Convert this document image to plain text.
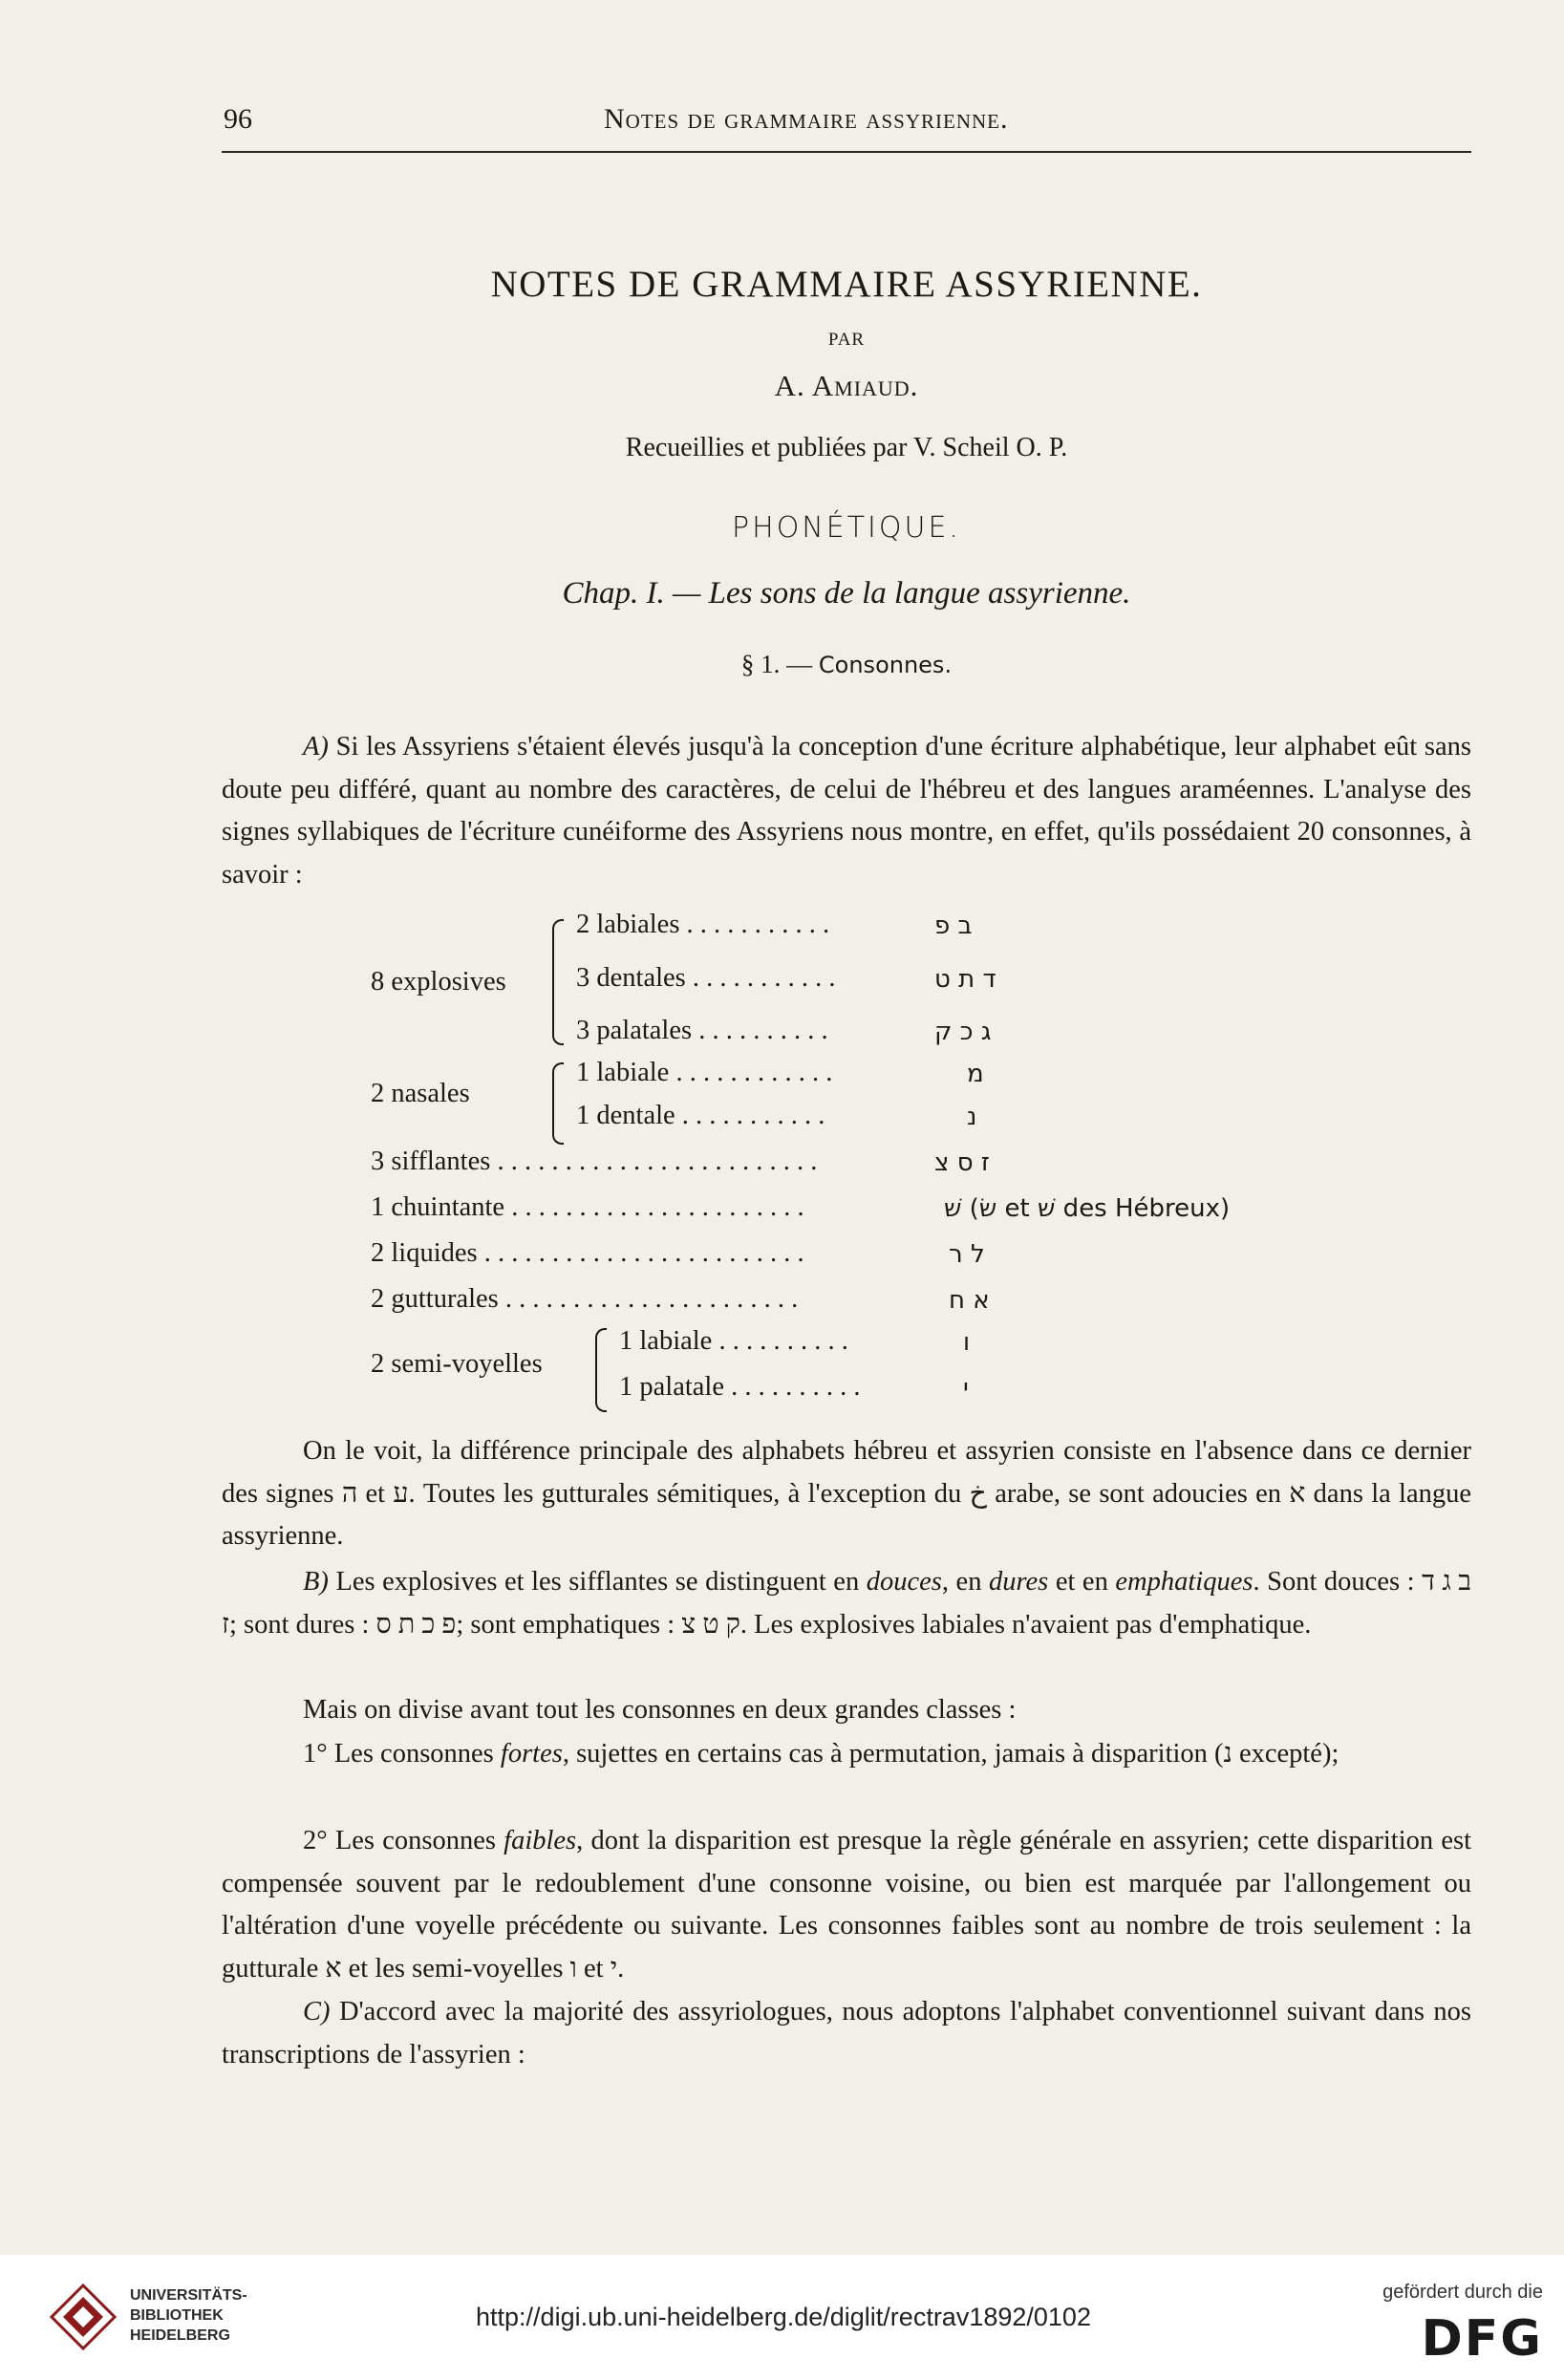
96	Notes de grammaire assyrienne.
NOTES DE GRAMMAIRE ASSYRIENNE.
PAR
A. Amiaud.
Recueillies et publiées par V. Scheil O. P.
PHONÉTIQUE.
Chap. I. — Les sons de la langue assyrienne.
§ 1. — Consonnes.

A) Si les Assyriens s'étaient élevés jusqu'à la conception d'une écriture alphabétique, leur alphabet eût sans doute peu différé, quant au nombre des caractères, de celui de l'hébreu et des langues araméennes. L'analyse des signes syllabiques de l'écriture cunéiforme des Assyriens nous montre, en effet, qu'ils possédaient 20 consonnes, à savoir :

8 explosives
2 labiales . . . . . . . . . . .	ב פ
3 dentales . . . . . . . . . . .	ד ת ט
3 palatales . . . . . . . . . .	ג כ ק
2 nasales
1 labiale . . . . . . . . . . . .	מ
1 dentale . . . . . . . . . . .	נ
3 sifflantes . . . . . . . . . . . . . . . . . . . . . . . .	ז ס צ
1 chuintante . . . . . . . . . . . . . . . . . . . . . .	שׁ (שׂ et שׁ des Hébreux)
2 liquides . . . . . . . . . . . . . . . . . . . . . . . .	ל ר
2 gutturales . . . . . . . . . . . . . . . . . . . . . .	א ח
2 semi-voyelles
1 labiale . . . . . . . . . .	ו
1 palatale . . . . . . . . . .	י

On le voit, la différence principale des alphabets hébreu et assyrien consiste en l'absence dans ce dernier des signes ה et ע. Toutes les gutturales sémitiques, à l'exception du خ arabe, se sont adoucies en א dans la langue assyrienne.

B) Les explosives et les sifflantes se distinguent en douces, en dures et en emphatiques. Sont douces : ב ג ד ז; sont dures : פ כ ת ס; sont emphatiques : ק ט צ. Les explosives labiales n'avaient pas d'emphatique.

Mais on divise avant tout les consonnes en deux grandes classes :

1° Les consonnes fortes, sujettes en certains cas à permutation, jamais à disparition (נ excepté);

2° Les consonnes faibles, dont la disparition est presque la règle générale en assyrien; cette disparition est compensée souvent par le redoublement d'une consonne voisine, ou bien est marquée par l'allongement ou l'altération d'une voyelle précédente ou suivante. Les consonnes faibles sont au nombre de trois seulement : la gutturale א et les semi-voyelles ו et י.

C) D'accord avec la majorité des assyriologues, nous adoptons l'alphabet conventionnel suivant dans nos transcriptions de l'assyrien :

UNIVERSITÄTS-
BIBLIOTHEK
HEIDELBERG
http://digi.ub.uni-heidelberg.de/diglit/rectrav1892/0102
gefördert durch die
DFG
